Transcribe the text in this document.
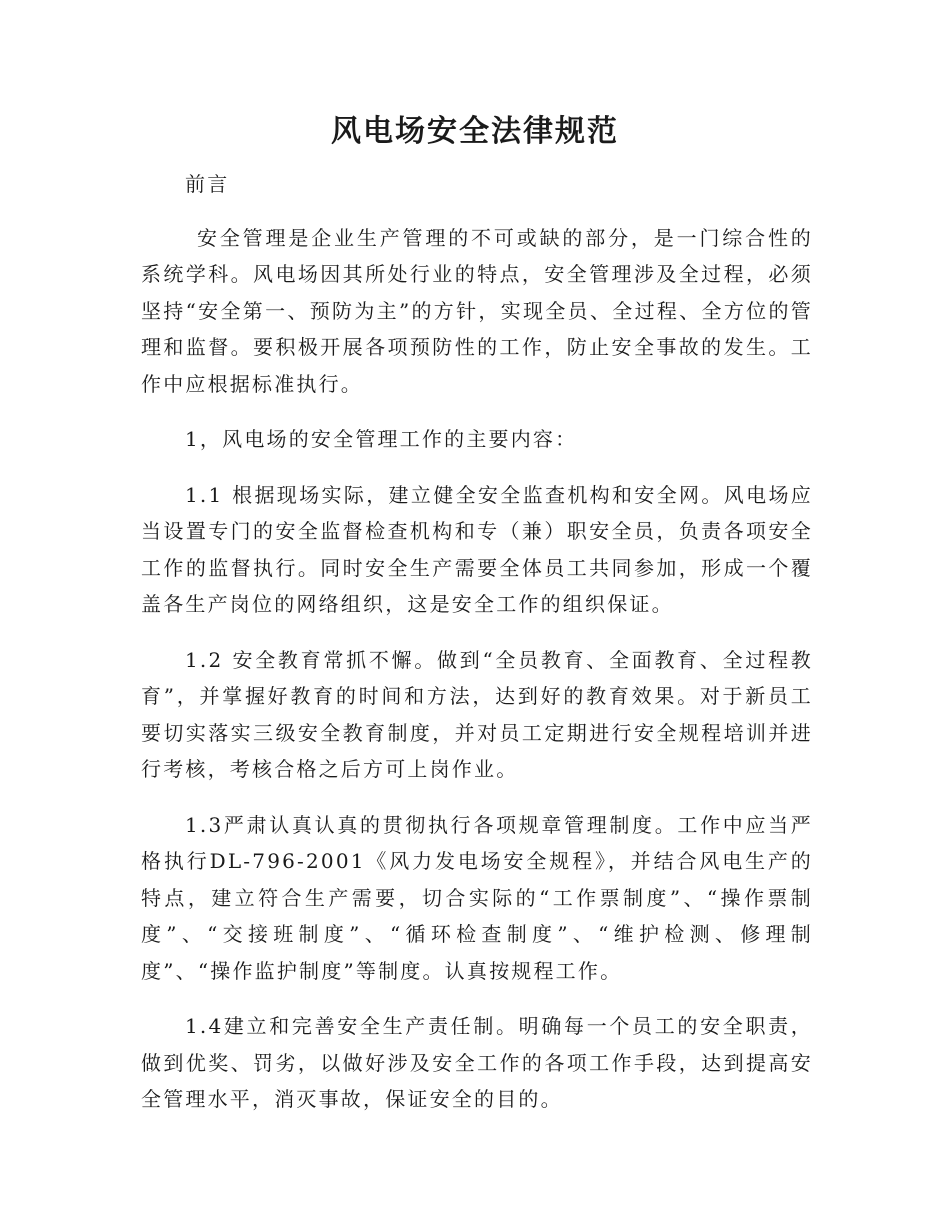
风电场安全法律规范

前言

安全管理是企业生产管理的不可或缺的部分，是一门综合性的系统学科。风电场因其所处行业的特点，安全管理涉及全过程，必须坚持“安全第一、预防为主”的方针，实现全员、全过程、全方位的管理和监督。要积极开展各项预防性的工作，防止安全事故的发生。工作中应根据标准执行。

1，风电场的安全管理工作的主要内容：

1.1 根据现场实际，建立健全安全监查机构和安全网。风电场应当设置专门的安全监督检查机构和专（兼）职安全员，负责各项安全工作的监督执行。同时安全生产需要全体员工共同参加，形成一个覆盖各生产岗位的网络组织，这是安全工作的组织保证。

1.2 安全教育常抓不懈。做到“全员教育、全面教育、全过程教育”，并掌握好教育的时间和方法，达到好的教育效果。对于新员工要切实落实三级安全教育制度，并对员工定期进行安全规程培训并进行考核，考核合格之后方可上岗作业。

1.3严肃认真认真的贯彻执行各项规章管理制度。工作中应当严格执行DL-796-2001《风力发电场安全规程》，并结合风电生产的特点，建立符合生产需要，切合实际的“工作票制度”、“操作票制度”、“交接班制度”、“循环检查制度”、“维护检测、修理制度”、“操作监护制度”等制度。认真按规程工作。

1.4建立和完善安全生产责任制。明确每一个员工的安全职责，做到优奖、罚劣，以做好涉及安全工作的各项工作手段，达到提高安全管理水平，消灭事故，保证安全的目的。
